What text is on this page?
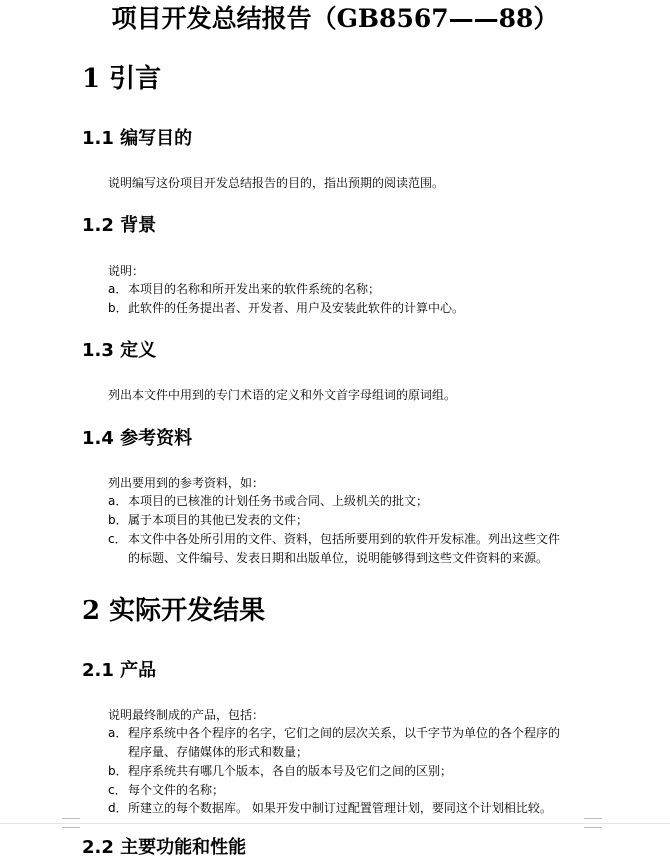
项目开发总结报告（GB8567——88）
1 引言
1.1 编写目的
说明编写这份项目开发总结报告的目的，指出预期的阅读范围。
1.2 背景
说明：
a．本项目的名称和所开发出来的软件系统的名称；
b．此软件的任务提出者、开发者、用户及安装此软件的计算中心。
1.3 定义
列出本文件中用到的专门术语的定义和外文首字母组词的原词组。
1.4 参考资料
列出要用到的参考资料，如：
a．本项目的已核准的计划任务书或合同、上级机关的批文；
b．属于本项目的其他已发表的文件；
c．本文件中各处所引用的文件、资料，包括所要用到的软件开发标准。列出这些文件
的标题、文件编号、发表日期和出版单位，说明能够得到这些文件资料的来源。
2 实际开发结果
2.1 产品
说明最终制成的产品，包括：
a．程序系统中各个程序的名字，它们之间的层次关系，以千字节为单位的各个程序的
程序量、存储媒体的形式和数量；
b．程序系统共有哪几个版本，各自的版本号及它们之间的区别；
c．每个文件的名称；
d．所建立的每个数据库。 如果开发中制订过配置管理计划，要同这个计划相比较。
2.2 主要功能和性能
